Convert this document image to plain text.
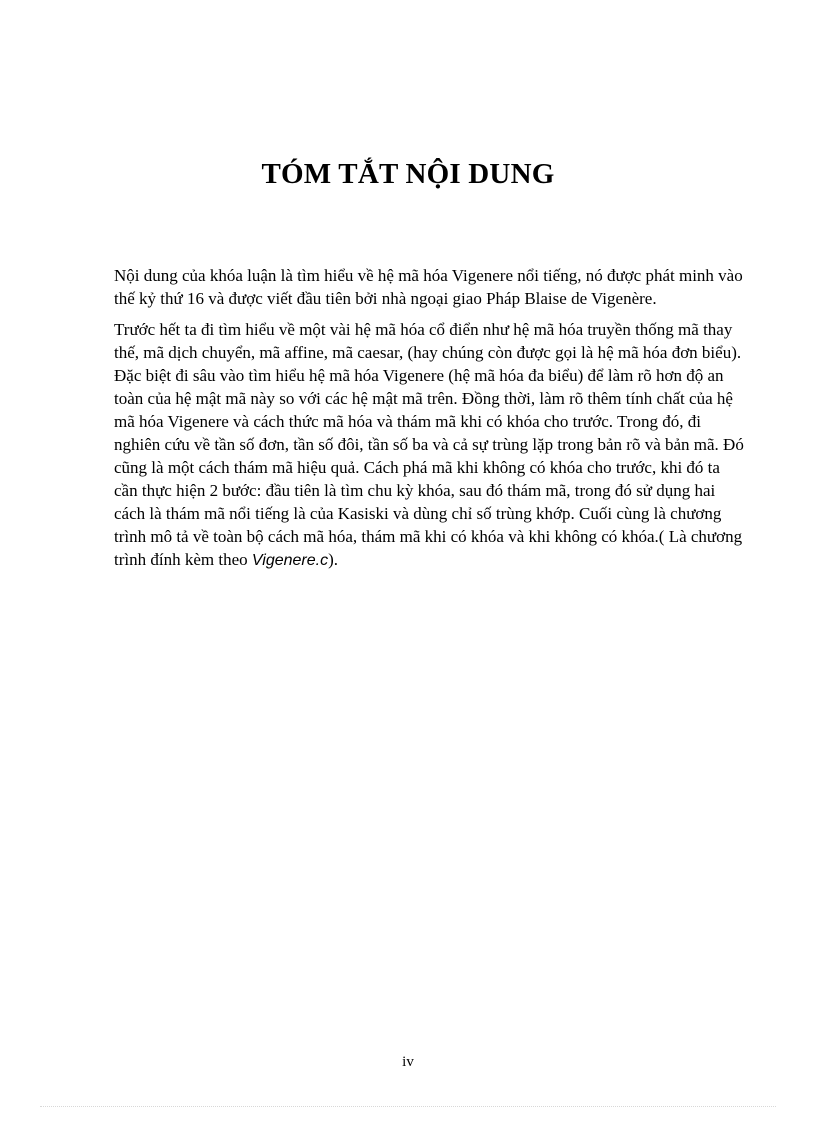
TÓM TẮT NỘI DUNG

Nội dung của khóa luận là tìm hiểu về hệ mã hóa Vigenere nổi tiếng, nó được phát minh vào thế kỷ thứ 16 và được viết đầu tiên bởi nhà ngoại giao Pháp Blaise de Vigenère.

Trước hết ta đi tìm hiểu về một vài hệ mã hóa cổ điển như hệ mã hóa truyền thống mã thay thế, mã dịch chuyển, mã affine, mã caesar, (hay chúng còn được gọi là hệ mã hóa đơn biểu). Đặc biệt đi sâu vào tìm hiểu hệ mã hóa Vigenere (hệ mã hóa đa biểu) để làm rõ hơn độ an toàn của hệ mật mã này so với các hệ mật mã trên. Đồng thời, làm rõ thêm tính chất của hệ mã hóa Vigenere và cách thức mã hóa và thám mã khi có khóa cho trước. Trong đó, đi nghiên cứu về tần số đơn, tần số đôi, tần số ba và cả sự trùng lặp trong bản rõ và bản mã. Đó cũng là một cách thám mã hiệu quả. Cách phá mã khi không có khóa cho trước, khi đó ta cần thực hiện 2 bước: đầu tiên là tìm chu kỳ khóa, sau đó thám mã, trong đó sử dụng hai cách là thám mã nổi tiếng là của Kasiski và dùng chỉ số trùng khớp. Cuối cùng là chương trình mô tả về toàn bộ cách mã hóa, thám mã khi có khóa và khi không có khóa.( Là chương trình đính kèm theo Vigenere.c).

iv
